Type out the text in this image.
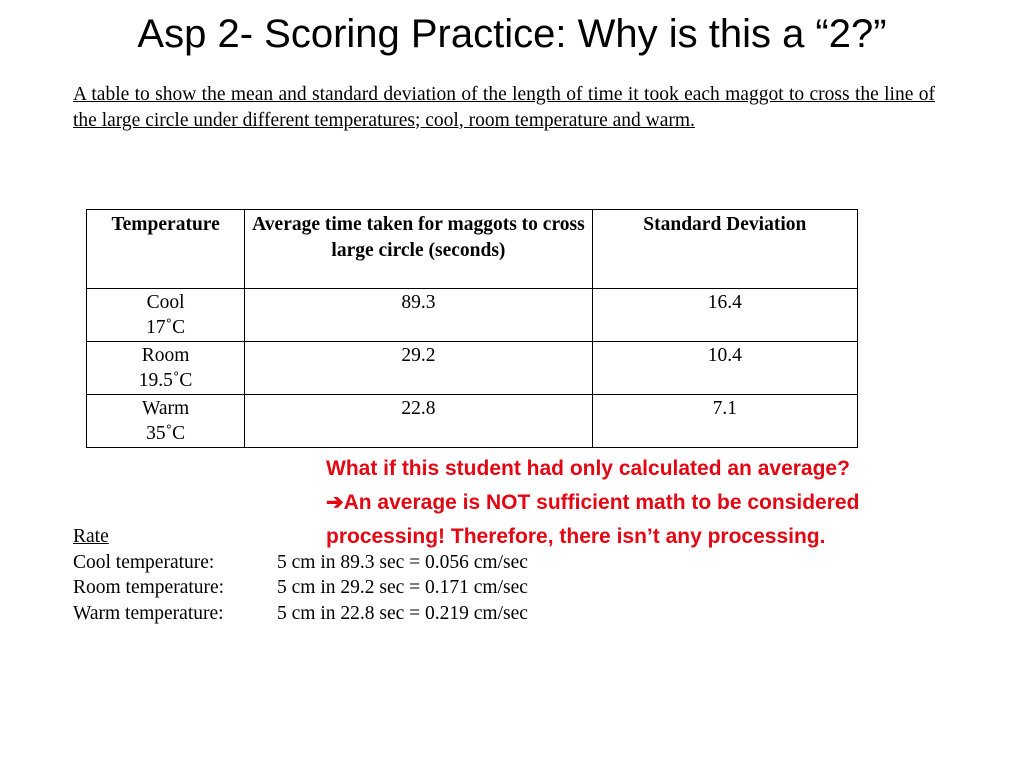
Asp 2- Scoring Practice: Why is this a “2?”
A table to show the mean and standard deviation of the length of time it took each maggot to cross the line of the large circle under different temperatures; cool, room temperature and warm.
Temperature	Average time taken for maggots to cross large circle (seconds)	Standard Deviation

Cool
17˚C	89.3	16.4

Room
19.5˚C	29.2	10.4

Warm
35˚C	22.8	7.1
What if this student had only calculated an average?
➔An average is NOT sufficient math to be considered
processing! Therefore, there isn’t any processing.
Rate
Cool temperature:	5 cm in 89.3 sec = 0.056 cm/sec
Room temperature:	5 cm in 29.2 sec = 0.171 cm/sec
Warm temperature:	5 cm in 22.8 sec = 0.219 cm/sec
